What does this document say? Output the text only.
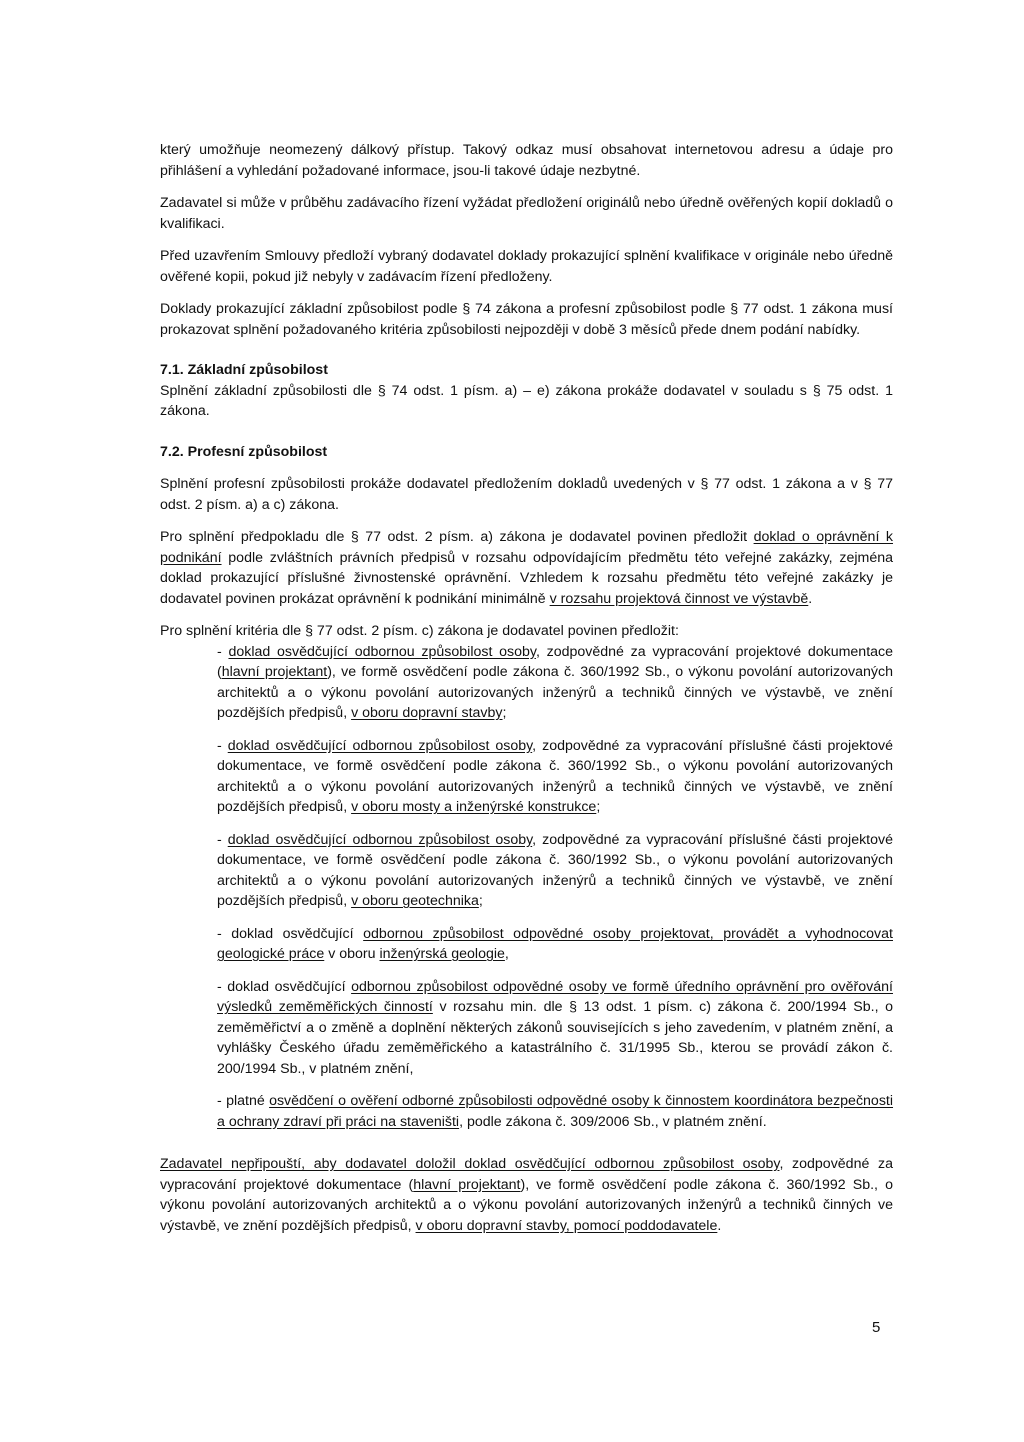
který umožňuje neomezený dálkový přístup. Takový odkaz musí obsahovat internetovou adresu a údaje pro přihlášení a vyhledání požadované informace, jsou-li takové údaje nezbytné.

Zadavatel si může v průběhu zadávacího řízení vyžádat předložení originálů nebo úředně ověřených kopií dokladů o kvalifikaci.

Před uzavřením Smlouvy předloží vybraný dodavatel doklady prokazující splnění kvalifikace v originále nebo úředně ověřené kopii, pokud již nebyly v zadávacím řízení předloženy.

Doklady prokazující základní způsobilost podle § 74 zákona a profesní způsobilost podle § 77 odst. 1 zákona musí prokazovat splnění požadovaného kritéria způsobilosti nejpozději v době 3 měsíců přede dnem podání nabídky.

7.1. Základní způsobilost

Splnění základní způsobilosti dle § 74 odst. 1 písm. a) – e) zákona prokáže dodavatel v souladu s § 75 odst. 1 zákona.

7.2. Profesní způsobilost

Splnění profesní způsobilosti prokáže dodavatel předložením dokladů uvedených v § 77 odst. 1 zákona a v § 77 odst. 2 písm. a) a c) zákona.

Pro splnění předpokladu dle § 77 odst. 2 písm. a) zákona je dodavatel povinen předložit doklad o oprávnění k podnikání podle zvláštních právních předpisů v rozsahu odpovídajícím předmětu této veřejné zakázky, zejména doklad prokazující příslušné živnostenské oprávnění. Vzhledem k rozsahu předmětu této veřejné zakázky je dodavatel povinen prokázat oprávnění k podnikání minimálně v rozsahu projektová činnost ve výstavbě.

Pro splnění kritéria dle § 77 odst. 2 písm. c) zákona je dodavatel povinen předložit:

- doklad osvědčující odbornou způsobilost osoby, zodpovědné za vypracování projektové dokumentace (hlavní projektant), ve formě osvědčení podle zákona č. 360/1992 Sb., o výkonu povolání autorizovaných architektů a o výkonu povolání autorizovaných inženýrů a techniků činných ve výstavbě, ve znění pozdějších předpisů, v oboru dopravní stavby;

- doklad osvědčující odbornou způsobilost osoby, zodpovědné za vypracování příslušné části projektové dokumentace, ve formě osvědčení podle zákona č. 360/1992 Sb., o výkonu povolání autorizovaných architektů a o výkonu povolání autorizovaných inženýrů a techniků činných ve výstavbě, ve znění pozdějších předpisů, v oboru mosty a inženýrské konstrukce;

- doklad osvědčující odbornou způsobilost osoby, zodpovědné za vypracování příslušné části projektové dokumentace, ve formě osvědčení podle zákona č. 360/1992 Sb., o výkonu povolání autorizovaných architektů a o výkonu povolání autorizovaných inženýrů a techniků činných ve výstavbě, ve znění pozdějších předpisů, v oboru geotechnika;

- doklad osvědčující odbornou způsobilost odpovědné osoby projektovat, provádět a vyhodnocovat geologické práce v oboru inženýrská geologie,

- doklad osvědčující odbornou způsobilost odpovědné osoby ve formě úředního oprávnění pro ověřování výsledků zeměměřických činností v rozsahu min. dle § 13 odst. 1 písm. c) zákona č. 200/1994 Sb., o zeměměřictví a o změně a doplnění některých zákonů souvisejících s jeho zavedením, v platném znění, a vyhlášky Českého úřadu zeměměřického a katastrálního č. 31/1995 Sb., kterou se provádí zákon č. 200/1994 Sb., v platném znění,

- platné osvědčení o ověření odborné způsobilosti odpovědné osoby k činnostem koordinátora bezpečnosti a ochrany zdraví při práci na staveništi, podle zákona č. 309/2006 Sb., v platném znění.

Zadavatel nepřipouští, aby dodavatel doložil doklad osvědčující odbornou způsobilost osoby, zodpovědné za vypracování projektové dokumentace (hlavní projektant), ve formě osvědčení podle zákona č. 360/1992 Sb., o výkonu povolání autorizovaných architektů a o výkonu povolání autorizovaných inženýrů a techniků činných ve výstavbě, ve znění pozdějších předpisů, v oboru dopravní stavby, pomocí poddodavatele.

5
